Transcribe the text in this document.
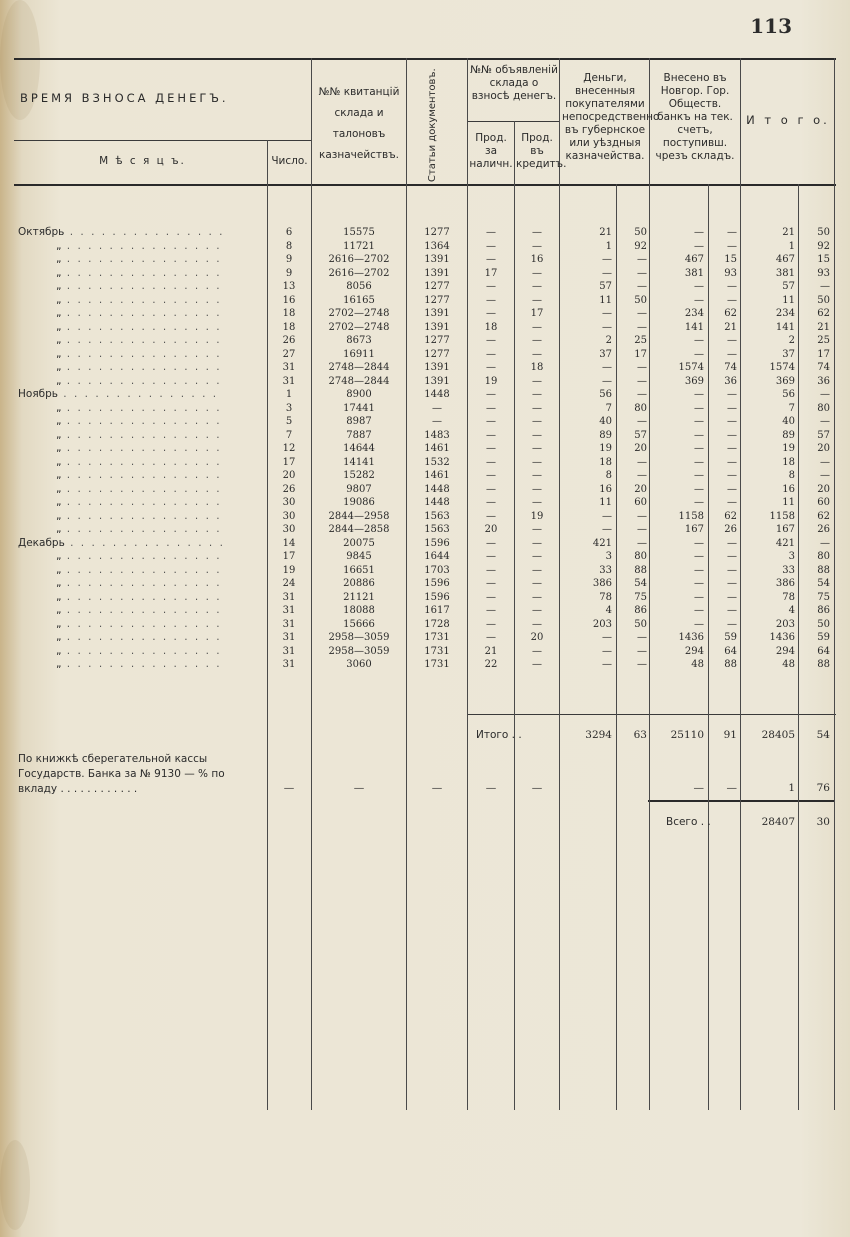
113
ВРЕМЯ ВЗНОСА ДЕНЕГЪ.
М ѣ с я ц ъ.	Число.
№№ квитанцій склада и талоновъ казначействъ.	Статьи документовъ.	№№ объявленій склада о взносѣ денегъ.
Прод. за наличн.
Прод. въ кредитъ.
Деньги, внесенныя покупателями непосредственно въ губернское или уѣздныя казначейства.
Внесено въ Новгор. Гор. Обществ. банкъ на тек. счетъ, поступивш. чрезъ складъ.
И т о г о.
Октябрь . . . . . . . . . . . . . . .	6	15575	1277	—	—	21	50	—	—	21	50
„ . . . . . . . . . . . . . . .	8	11721	1364	—	—	1	92	—	—	1	92
„ . . . . . . . . . . . . . . .	9	2616—2702	1391	—	16	—	—	467	15	467	15
„ . . . . . . . . . . . . . . .	9	2616—2702	1391	17	—	—	—	381	93	381	93
„ . . . . . . . . . . . . . . .	13	8056	1277	—	—	57	—	—	—	57	—
„ . . . . . . . . . . . . . . .	16	16165	1277	—	—	11	50	—	—	11	50
„ . . . . . . . . . . . . . . .	18	2702—2748	1391	—	17	—	—	234	62	234	62
„ . . . . . . . . . . . . . . .	18	2702—2748	1391	18	—	—	—	141	21	141	21
„ . . . . . . . . . . . . . . .	26	8673	1277	—	—	2	25	—	—	2	25
„ . . . . . . . . . . . . . . .	27	16911	1277	—	—	37	17	—	—	37	17
„ . . . . . . . . . . . . . . .	31	2748—2844	1391	—	18	—	—	1574	74	1574	74
„ . . . . . . . . . . . . . . .	31	2748—2844	1391	19	—	—	—	369	36	369	36
Ноябрь . . . . . . . . . . . . . . .	1	8900	1448	—	—	56	—	—	—	56	—
„ . . . . . . . . . . . . . . .	3	17441	—	—	—	7	80	—	—	7	80
„ . . . . . . . . . . . . . . .	5	8987	—	—	—	40	—	—	—	40	—
„ . . . . . . . . . . . . . . .	7	7887	1483	—	—	89	57	—	—	89	57
„ . . . . . . . . . . . . . . .	12	14644	1461	—	—	19	20	—	—	19	20
„ . . . . . . . . . . . . . . .	17	14141	1532	—	—	18	—	—	—	18	—
„ . . . . . . . . . . . . . . .	20	15282	1461	—	—	8	—	—	—	8	—
„ . . . . . . . . . . . . . . .	26	9807	1448	—	—	16	20	—	—	16	20
„ . . . . . . . . . . . . . . .	30	19086	1448	—	—	11	60	—	—	11	60
„ . . . . . . . . . . . . . . .	30	2844—2958	1563	—	19	—	—	1158	62	1158	62
„ . . . . . . . . . . . . . . .	30	2844—2858	1563	20	—	—	—	167	26	167	26
Декабрь . . . . . . . . . . . . . . .	14	20075	1596	—	—	421	—	—	—	421	—
„ . . . . . . . . . . . . . . .	17	9845	1644	—	—	3	80	—	—	3	80
„ . . . . . . . . . . . . . . .	19	16651	1703	—	—	33	88	—	—	33	88
„ . . . . . . . . . . . . . . .	24	20886	1596	—	—	386	54	—	—	386	54
„ . . . . . . . . . . . . . . .	31	21121	1596	—	—	78	75	—	—	78	75
„ . . . . . . . . . . . . . . .	31	18088	1617	—	—	4	86	—	—	4	86
„ . . . . . . . . . . . . . . .	31	15666	1728	—	—	203	50	—	—	203	50
„ . . . . . . . . . . . . . . .	31	2958—3059	1731	—	20	—	—	1436	59	1436	59
„ . . . . . . . . . . . . . . .	31	2958—3059	1731	21	—	—	—	294	64	294	64
„ . . . . . . . . . . . . . . .	31	3060	1731	22	—	—	—	48	88	48	88
Итого . .	3294	63	25110	91	28405	54
По книжкѣ сберегательной кассы Государств. Банка за № 9130 — % по вкладу . . . . . . . . . . . .	—	—	—	—	—	—	—	1	76
Всего . .	28407	30
